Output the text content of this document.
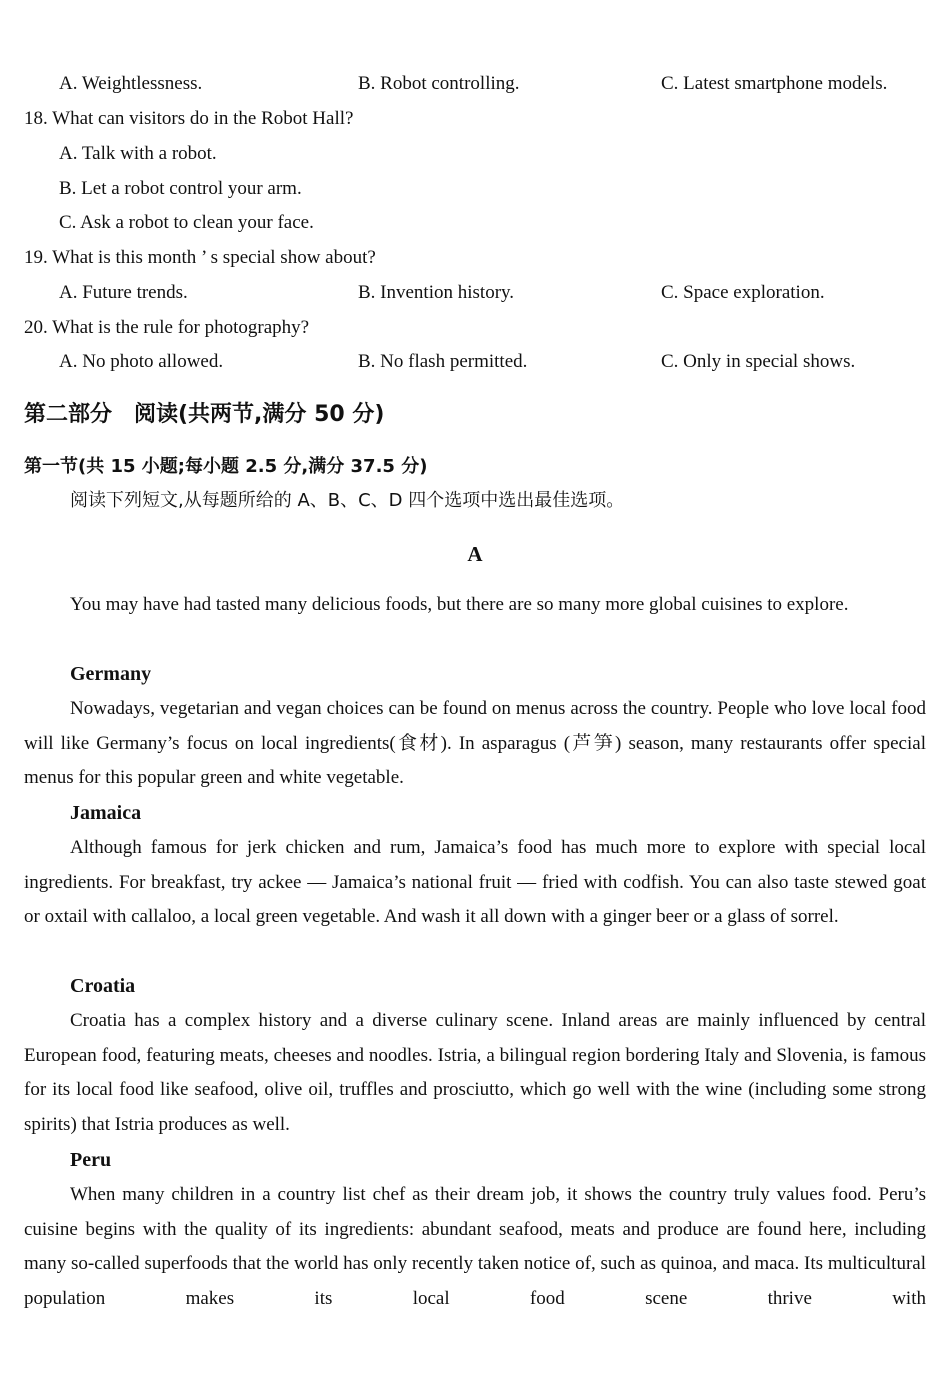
A. Weightlessness.	B. Robot controlling.	C. Latest smartphone models.
18. What can visitors do in the Robot Hall?
A. Talk with a robot.
B. Let a robot control your arm.
C. Ask a robot to clean your face.
19. What is this month ’ s special show about?
A. Future trends.	B. Invention history.	C. Space exploration.
20. What is the rule for photography?
A. No photo allowed.	B. No flash permitted.	C. Only in special shows.
第二部分　阅读(共两节,满分 50 分)
第一节(共 15 小题;每小题 2.5 分,满分 37.5 分)
阅读下列短文,从每题所给的 A、B、C、D 四个选项中选出最佳选项。
A
You may have had tasted many delicious foods, but there are so many more global cuisines to explore.
Germany
Nowadays, vegetarian and vegan choices can be found on menus across the country. People who love local food will like Germany’s focus on local ingredients(食材). In asparagus (芦笋) season, many restaurants offer special menus for this popular green and white vegetable.
Jamaica
Although famous for jerk chicken and rum, Jamaica’s food has much more to explore with special local ingredients. For breakfast, try ackee — Jamaica’s national fruit — fried with codfish. You can also taste stewed goat or oxtail with callaloo, a local green vegetable. And wash it all down with a ginger beer or a glass of sorrel.
Croatia
Croatia has a complex history and a diverse culinary scene. Inland areas are mainly influenced by central European food, featuring meats, cheeses and noodles. Istria, a bilingual region bordering Italy and Slovenia, is famous for its local food like seafood, olive oil, truffles and prosciutto, which go well with the wine (including some strong spirits) that Istria produces as well.
Peru
When many children in a country list chef as their dream job, it shows the country truly values food. Peru’s cuisine begins with the quality of its ingredients: abundant seafood, meats and produce are found here, including many so-called superfoods that the world has only recently taken notice of, such as quinoa, and maca. Its multicultural population makes its local food scene thrive with
